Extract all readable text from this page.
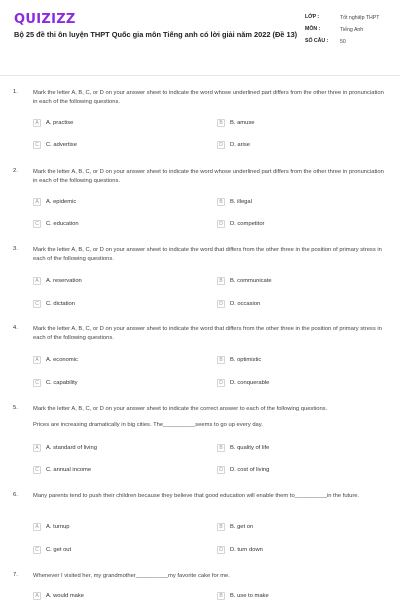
QUIZIZZ
Bộ 25 đề thi ôn luyện THPT Quốc gia môn Tiếng anh có lời giải năm 2022 (Đề 13)
LỚP :	Tốt nghiệp THPT
MÔN :	Tiếng Anh
SỐ CÂU :	50
1.	Mark the letter A, B, C, or D on your answer sheet to indicate the word whose underlined part differs from the other three in pronunciation in each of the following questions.
A	A. practise	B	B. amuse
C	C. advertise	D	D. arise
2.	Mark the letter A, B, C, or D on your answer sheet to indicate the word whose underlined part differs from the other three in pronunciation in each of the following questions.
A	A. epidemic	B	B. illegal
C	C. education	D	D. competitor
3.	Mark the letter A, B, C, or D on your answer sheet to indicate the word that differs from the other three in the position of primary stress in each of the following questions.
A	A. reservation	B	B. communicate
C	C. dictation	D	D. occasion
4.	Mark the letter A, B, C, or D on your answer sheet to indicate the word that differs from the other three in the position of primary stress in each of the following questions.
A	A. economic	B	B. optimistic
C	C. capability	D	D. conquerable
5.	Mark the letter A, B, C, or D on your answer sheet to indicate the correct answer to each of the following questions.
Prices are increasing dramatically in big cities. The__________seems to go up every day.
A	A. standard of living	B	B. quality of life
C	C. annual income	D	D. cost of living
6.	Many parents tend to push their children because they believe that good education will enable them to__________in the future.
A	A. turnup	B	B. get on
C	C. get out	D	D. turn down
7.	Whenever I visited her, my grandmother__________my favorite cake for me.
A	A. would make	B	B. use to make
